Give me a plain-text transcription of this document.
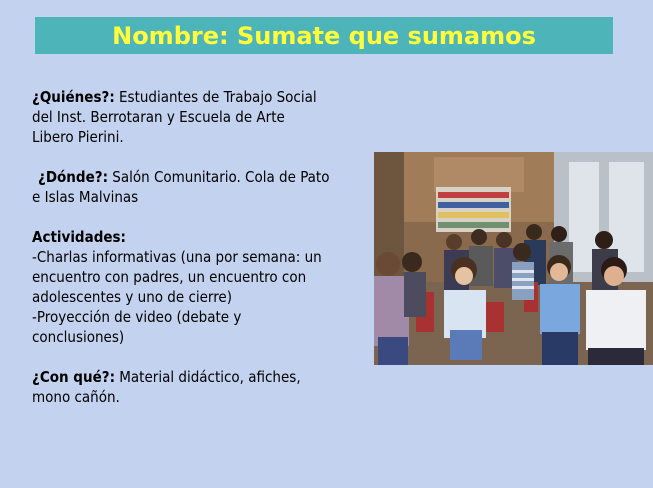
Nombre: Sumate que sumamos

¿Quiénes?: Estudiantes de Trabajo Social

del Inst. Berrotaran y Escuela de Arte

Libero Pierini.

¿Dónde?: Salón Comunitario. Cola de Pato

e Islas Malvinas

Actividades:

-Charlas informativas (una por semana: un

encuentro con padres, un encuentro con

adolescentes y uno de cierre)

-Proyección de video (debate y

conclusiones)

¿Con qué?: Material didáctico, afiches,

mono cañón.
